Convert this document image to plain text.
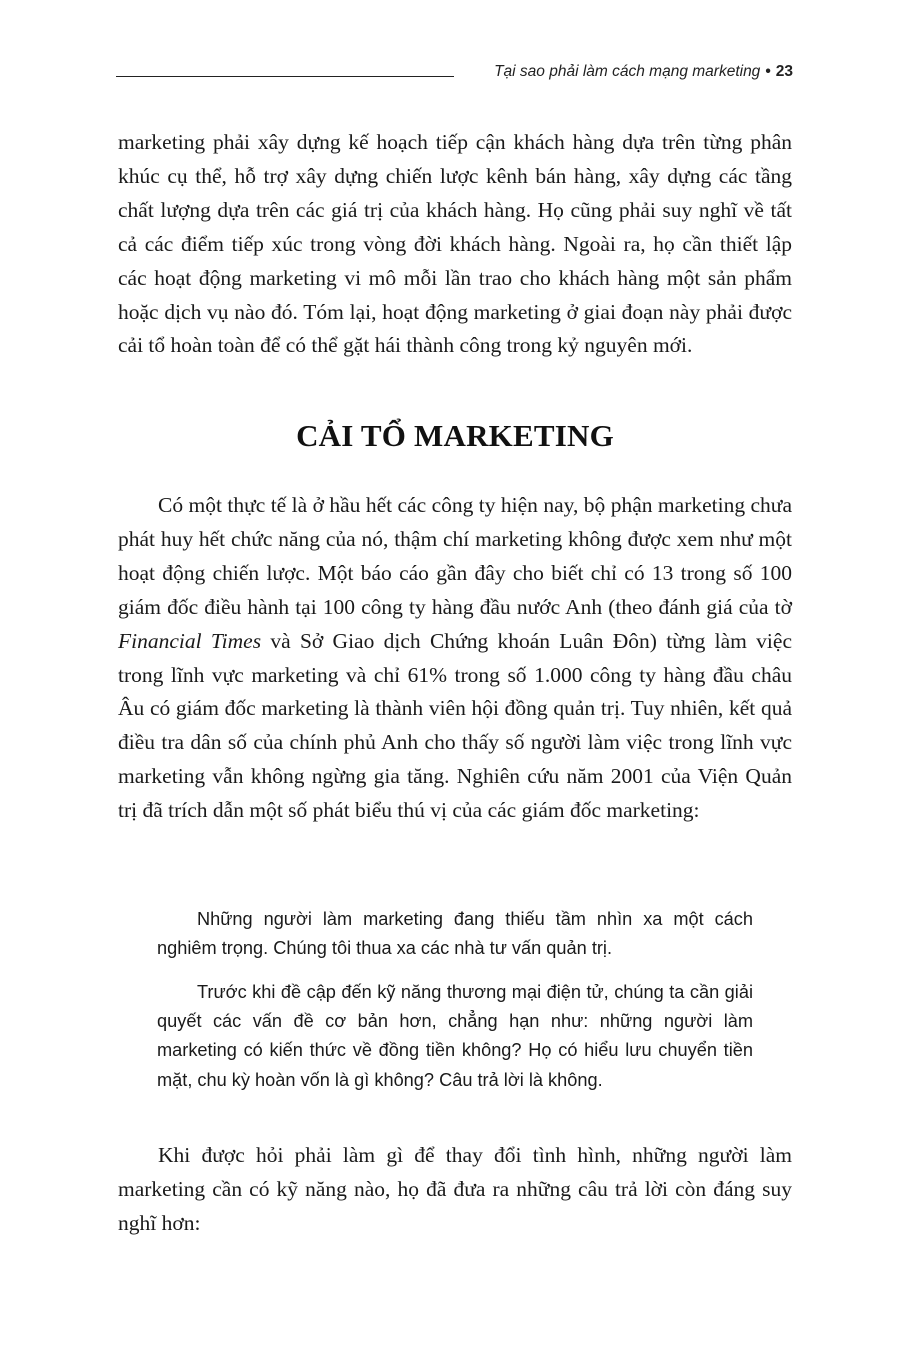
Tại sao phải làm cách mạng marketing • 23

marketing phải xây dựng kế hoạch tiếp cận khách hàng dựa trên từng phân khúc cụ thể, hỗ trợ xây dựng chiến lược kênh bán hàng, xây dựng các tầng chất lượng dựa trên các giá trị của khách hàng. Họ cũng phải suy nghĩ về tất cả các điểm tiếp xúc trong vòng đời khách hàng. Ngoài ra, họ cần thiết lập các hoạt động marketing vi mô mỗi lần trao cho khách hàng một sản phẩm hoặc dịch vụ nào đó. Tóm lại, hoạt động marketing ở giai đoạn này phải được cải tổ hoàn toàn để có thể gặt hái thành công trong kỷ nguyên mới.

CẢI TỔ MARKETING

Có một thực tế là ở hầu hết các công ty hiện nay, bộ phận marketing chưa phát huy hết chức năng của nó, thậm chí marketing không được xem như một hoạt động chiến lược. Một báo cáo gần đây cho biết chỉ có 13 trong số 100 giám đốc điều hành tại 100 công ty hàng đầu nước Anh (theo đánh giá của tờ Financial Times và Sở Giao dịch Chứng khoán Luân Đôn) từng làm việc trong lĩnh vực marketing và chỉ 61% trong số 1.000 công ty hàng đầu châu Âu có giám đốc marketing là thành viên hội đồng quản trị. Tuy nhiên, kết quả điều tra dân số của chính phủ Anh cho thấy số người làm việc trong lĩnh vực marketing vẫn không ngừng gia tăng. Nghiên cứu năm 2001 của Viện Quản trị đã trích dẫn một số phát biểu thú vị của các giám đốc marketing:

Những người làm marketing đang thiếu tầm nhìn xa một cách nghiêm trọng. Chúng tôi thua xa các nhà tư vấn quản trị.

Trước khi đề cập đến kỹ năng thương mại điện tử, chúng ta cần giải quyết các vấn đề cơ bản hơn, chẳng hạn như: những người làm marketing có kiến thức về đồng tiền không? Họ có hiểu lưu chuyển tiền mặt, chu kỳ hoàn vốn là gì không? Câu trả lời là không.

Khi được hỏi phải làm gì để thay đổi tình hình, những người làm marketing cần có kỹ năng nào, họ đã đưa ra những câu trả lời còn đáng suy nghĩ hơn:
